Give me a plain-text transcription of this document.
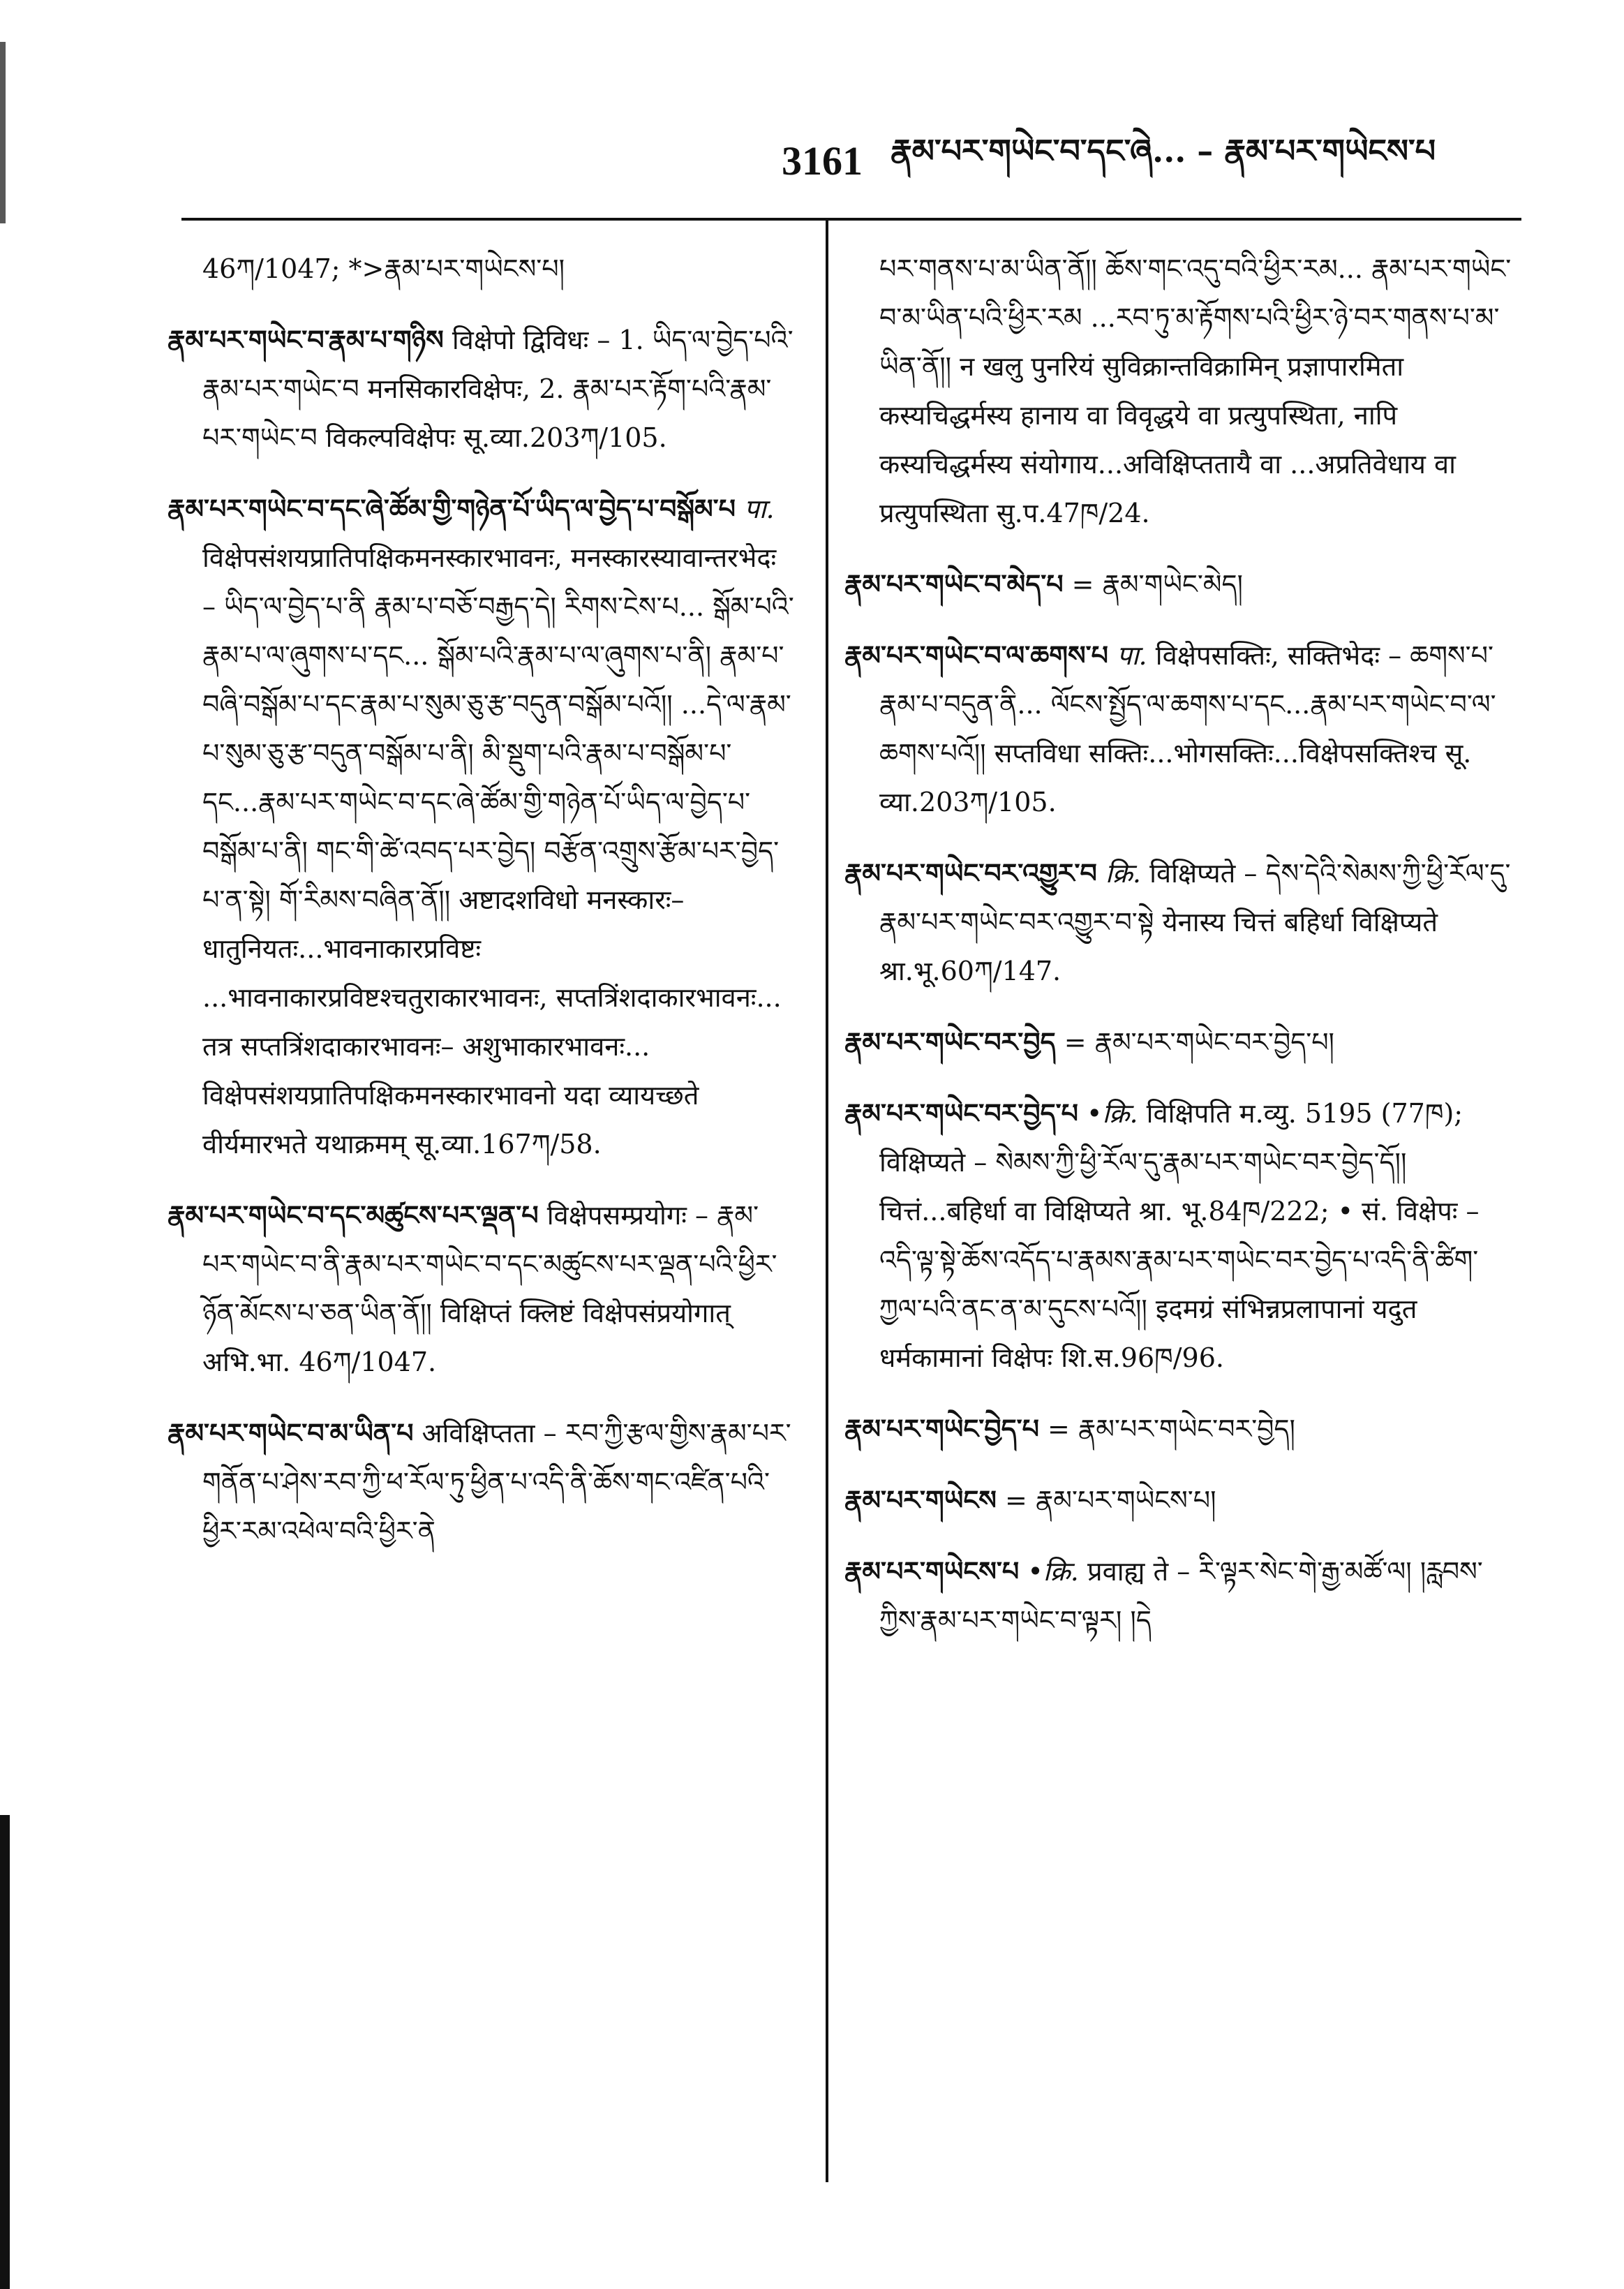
3161 རྣམ་པར་གཡེང་བ་དང་ཞེ... – རྣམ་པར་གཡེངས་པ
46ཀ/1047; *>རྣམ་པར་གཡེངས་པ།
རྣམ་པར་གཡེང་བ་རྣམ་པ་གཉིས विक्षेपो द्विविधः – 1. ཡིད་ལ་བྱེད་པའི་རྣམ་པར་གཡེང་བ मनसिकारविक्षेपः, 2. རྣམ་པར་རྟོག་པའི་རྣམ་པར་གཡེང་བ विकल्पविक्षेपः सू.व्या.203ཀ/105.
རྣམ་པར་གཡེང་བ་དང་ཞེ་ཚོམ་གྱི་གཉེན་པོ་ཡིད་ལ་བྱེད་པ་བསྒོམ་པ पा. विक्षेपसंशयप्रातिपक्षिकमनस्कारभावनः, मनस्कारस्यावान्तरभेदः – ཡིད་ལ་བྱེད་པ་ནི རྣམ་པ་བཅོ་བརྒྱད་དེ། རིགས་ངེས་པ... སྒོམ་པའི་རྣམ་པ་ལ་ཞུགས་པ་དང... སྒོམ་པའི་རྣམ་པ་ལ་ཞུགས་པ་ནི། རྣམ་པ་བཞི་བསྒོམ་པ་དང་རྣམ་པ་སུམ་ཅུ་རྩ་བདུན་བསྒོམ་པའོ།། ...དེ་ལ་རྣམ་པ་སུམ་ཅུ་རྩ་བདུན་བསྒོམ་པ་ནི། མི་སྡུག་པའི་རྣམ་པ་བསྒོམ་པ་དང...རྣམ་པར་གཡེང་བ་དང་ཞེ་ཚོམ་གྱི་གཉེན་པོ་ཡིད་ལ་བྱེད་པ་བསྒོམ་པ་ནི། གང་གི་ཚེ་འབད་པར་བྱེད། བརྩོན་འགྲུས་རྩོམ་པར་བྱེད་པ་ན་སྟེ། གོ་རིམས་བཞིན་ནོ།། अष्टादशविधो मनस्कारः–धातुनियतः...भावनाकारप्रविष्टः ...भावनाकारप्रविष्टश्चतुराकारभावनः, सप्तत्रिंशदाकारभावनः... तत्र सप्तत्रिंशदाकारभावनः– अशुभाकारभावनः... विक्षेपसंशयप्रातिपक्षिकमनस्कारभावनो यदा व्यायच्छते वीर्यमारभते यथाक्रमम् सू.व्या.167ཀ/58.
རྣམ་པར་གཡེང་བ་དང་མཚུངས་པར་ལྡན་པ विक्षेपसम्प्रयोगः – རྣམ་པར་གཡེང་བ་ནི་རྣམ་པར་གཡེང་བ་དང་མཚུངས་པར་ལྡན་པའི་ཕྱིར་ཉོན་མོངས་པ་ཅན་ཡིན་ནོ།། विक्षिप्तं क्लिष्टं विक्षेपसंप्रयोगात् अभि.भा. 46ཀ/1047.
རྣམ་པར་གཡེང་བ་མ་ཡིན་པ अविक्षिप्तता – རབ་ཀྱི་རྩལ་གྱིས་རྣམ་པར་གནོན་པ་ཤེས་རབ་ཀྱི་ཕ་རོལ་ཏུ་ཕྱིན་པ་འདི་ནི་ཆོས་གང་འཛིན་པའི་ཕྱིར་རམ་འཕེལ་བའི་ཕྱིར་ནེ
པར་གནས་པ་མ་ཡིན་ནོ།། ཆོས་གང་འདུ་བའི་ཕྱིར་རམ... རྣམ་པར་གཡེང་བ་མ་ཡིན་པའི་ཕྱིར་རམ ...རབ་ཏུ་མ་རྟོགས་པའི་ཕྱིར་ཉེ་བར་གནས་པ་མ་ཡིན་ནོ།། न खलु पुनरियं सुविक्रान्तविक्रामिन् प्रज्ञापारमिता कस्यचिद्धर्मस्य हानाय वा विवृद्धये वा प्रत्युपस्थिता, नापि कस्यचिद्धर्मस्य संयोगाय...अविक्षिप्ततायै वा ...अप्रतिवेधाय वा प्रत्युपस्थिता सु.प.47ཁ/24.
རྣམ་པར་གཡེང་བ་མེད་པ = རྣམ་གཡེང་མེད།
རྣམ་པར་གཡེང་བ་ལ་ཆགས་པ पा. विक्षेपसक्तिः, सक्तिभेदः – ཆགས་པ་རྣམ་པ་བདུན་ནི... ལོངས་སྤྱོད་ལ་ཆགས་པ་དང...རྣམ་པར་གཡེང་བ་ལ་ཆགས་པའོ།། सप्तविधा सक्तिः...भोगसक्तिः...विक्षेपसक्तिश्च सू. व्या.203ཀ/105.
རྣམ་པར་གཡེང་བར་འགྱུར་བ क्रि. विक्षिप्यते – དེས་དེའི་སེམས་ཀྱི་ཕྱི་རོལ་དུ་རྣམ་པར་གཡེང་བར་འགྱུར་བ་སྟེ येनास्य चित्तं बहिर्धा विक्षिप्यते श्रा.भू.60ཀ/147.
རྣམ་པར་གཡེང་བར་བྱེད = རྣམ་པར་གཡེང་བར་བྱེད་པ།
རྣམ་པར་གཡེང་བར་བྱེད་པ •क्रि. विक्षिपति म.व्यु. 5195 (77ཁ); विक्षिप्यते – སེམས་ཀྱི་ཕྱི་རོལ་དུ་རྣམ་པར་གཡེང་བར་བྱེད་དོ།། चित्तं...बहिर्धा वा विक्षिप्यते श्रा. भू.84ཁ/222; • सं. विक्षेपः – འདི་ལྟ་སྟེ་ཆོས་འདོད་པ་རྣམས་རྣམ་པར་གཡེང་བར་བྱེད་པ་འདི་ནི་ཚིག་ཀྱལ་པའི་ནང་ན་མ་དུངས་པའོ།། इदमग्रं संभिन्नप्रलापानां यदुत धर्मकामानां विक्षेपः शि.स.96ཁ/96.
རྣམ་པར་གཡེང་བྱེད་པ = རྣམ་པར་གཡེང་བར་བྱེད།
རྣམ་པར་གཡེངས = རྣམ་པར་གཡེངས་པ།
རྣམ་པར་གཡེངས་པ •क्रि. प्रवाह्य ते – རི་ལྟར་སེང་གེ་རྒྱ་མཚོ་ལ། །རླབས་ཀྱིས་རྣམ་པར་གཡེང་བ་ལྟར། །དེ
